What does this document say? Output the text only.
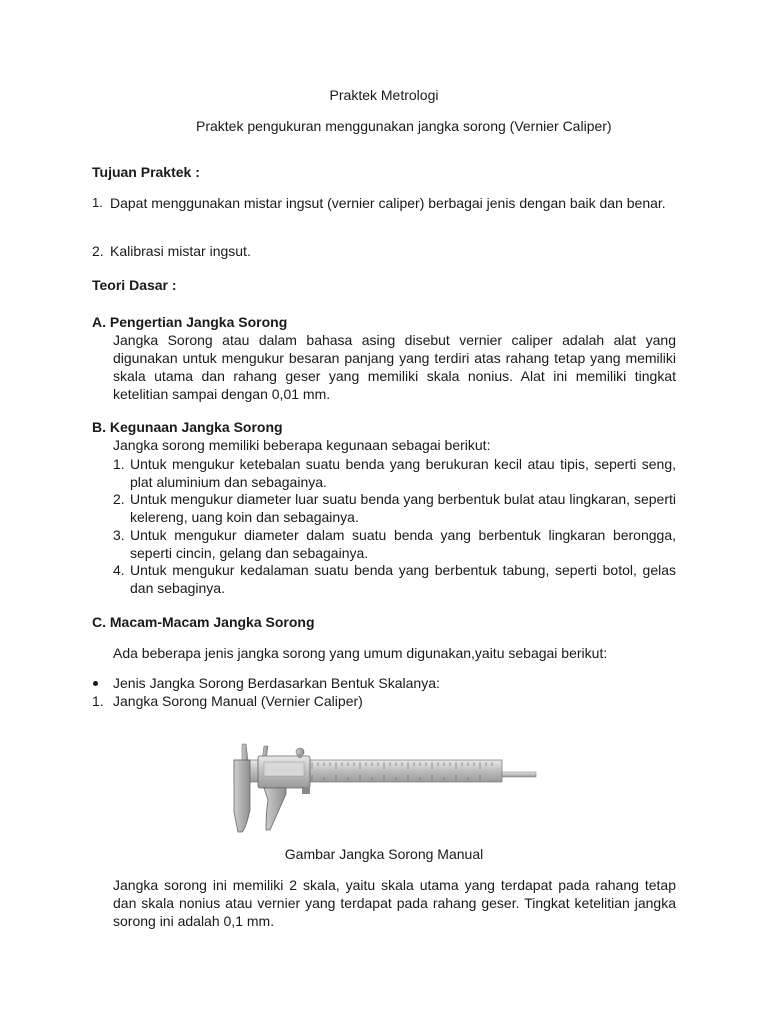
Praktek Metrologi
Praktek pengukuran menggunakan jangka sorong (Vernier Caliper)
Tujuan Praktek :
1. Dapat menggunakan mistar ingsut (vernier caliper) berbagai jenis dengan baik dan benar.
2. Kalibrasi mistar ingsut.
Teori Dasar :
A. Pengertian Jangka Sorong
Jangka Sorong atau dalam bahasa asing disebut vernier caliper adalah alat yang digunakan untuk mengukur besaran panjang yang terdiri atas rahang tetap yang memiliki skala utama dan rahang geser yang memiliki skala nonius. Alat ini memiliki tingkat ketelitian sampai dengan 0,01 mm.
B. Kegunaan Jangka Sorong
Jangka sorong memiliki beberapa kegunaan sebagai berikut:
1. Untuk mengukur ketebalan suatu benda yang berukuran kecil atau tipis, seperti seng, plat aluminium dan sebagainya.
2. Untuk mengukur diameter luar suatu benda yang berbentuk bulat atau lingkaran, seperti kelereng, uang koin dan sebagainya.
3. Untuk mengukur diameter dalam suatu benda yang berbentuk lingkaran berongga, seperti cincin, gelang dan sebagainya.
4. Untuk mengukur kedalaman suatu benda yang berbentuk tabung, seperti botol, gelas dan sebaginya.
C. Macam-Macam Jangka Sorong
Ada beberapa jenis jangka sorong yang umum digunakan,yaitu sebagai berikut:
Jenis Jangka Sorong Berdasarkan Bentuk Skalanya:
1. Jangka Sorong Manual (Vernier Caliper)
Gambar Jangka Sorong Manual
Jangka sorong ini memiliki 2 skala, yaitu skala utama yang terdapat pada rahang tetap dan skala nonius atau vernier yang terdapat pada rahang geser. Tingkat ketelitian jangka sorong ini adalah 0,1 mm.
